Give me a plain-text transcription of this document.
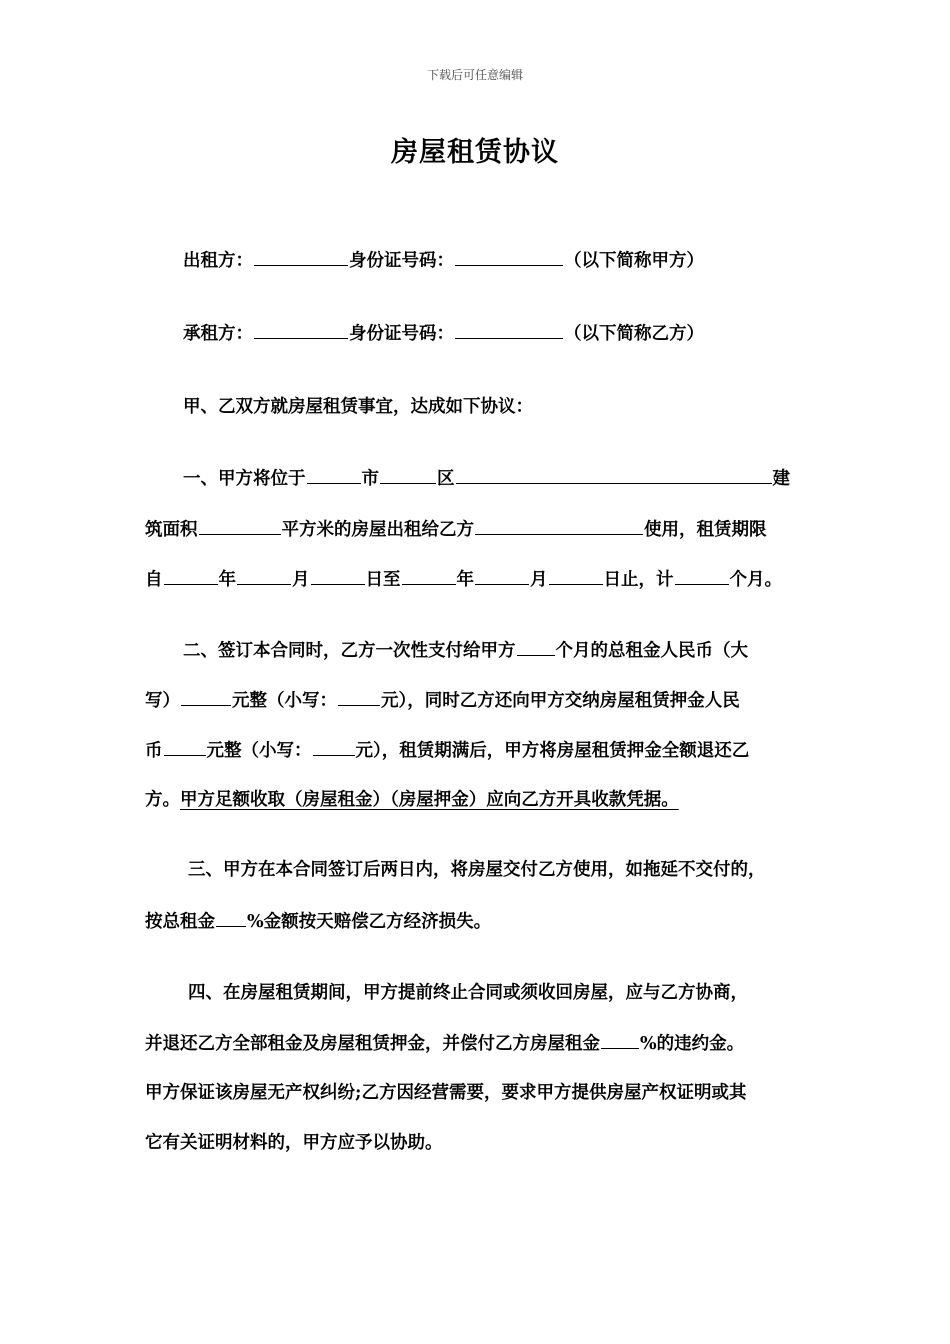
下载后可任意编辑
房屋租赁协议
出租方：	身份证号码：	（以下简称甲方）
承租方：	身份证号码：	（以下简称乙方）
甲、乙双方就房屋租赁事宜，达成如下协议：
一、甲方将位于	市	区	建
筑面积	平方米的房屋出租给乙方	使用，租赁期限
自	年	月	日至	年	月	日止，计	个月。
二、签订本合同时，乙方一次性支付给甲方 个月的总租金人民币（大
写）	元整（小写：	元），同时乙方还向甲方交纳房屋租赁押金人民
币	元整（小写：	元），租赁期满后，甲方将房屋租赁押金全额退还乙
方。甲方足额收取（房屋租金）（房屋押金）应向乙方开具收款凭据。
三、甲方在本合同签订后两日内，将房屋交付乙方使用，如拖延不交付的，
按总租金 %金额按天赔偿乙方经济损失。
四、在房屋租赁期间，甲方提前终止合同或须收回房屋，应与乙方协商，
并退还乙方全部租金及房屋租赁押金，并偿付乙方房屋租金 %的违约金。
甲方保证该房屋无产权纠纷;乙方因经营需要，要求甲方提供房屋产权证明或其
它有关证明材料的，甲方应予以协助。
